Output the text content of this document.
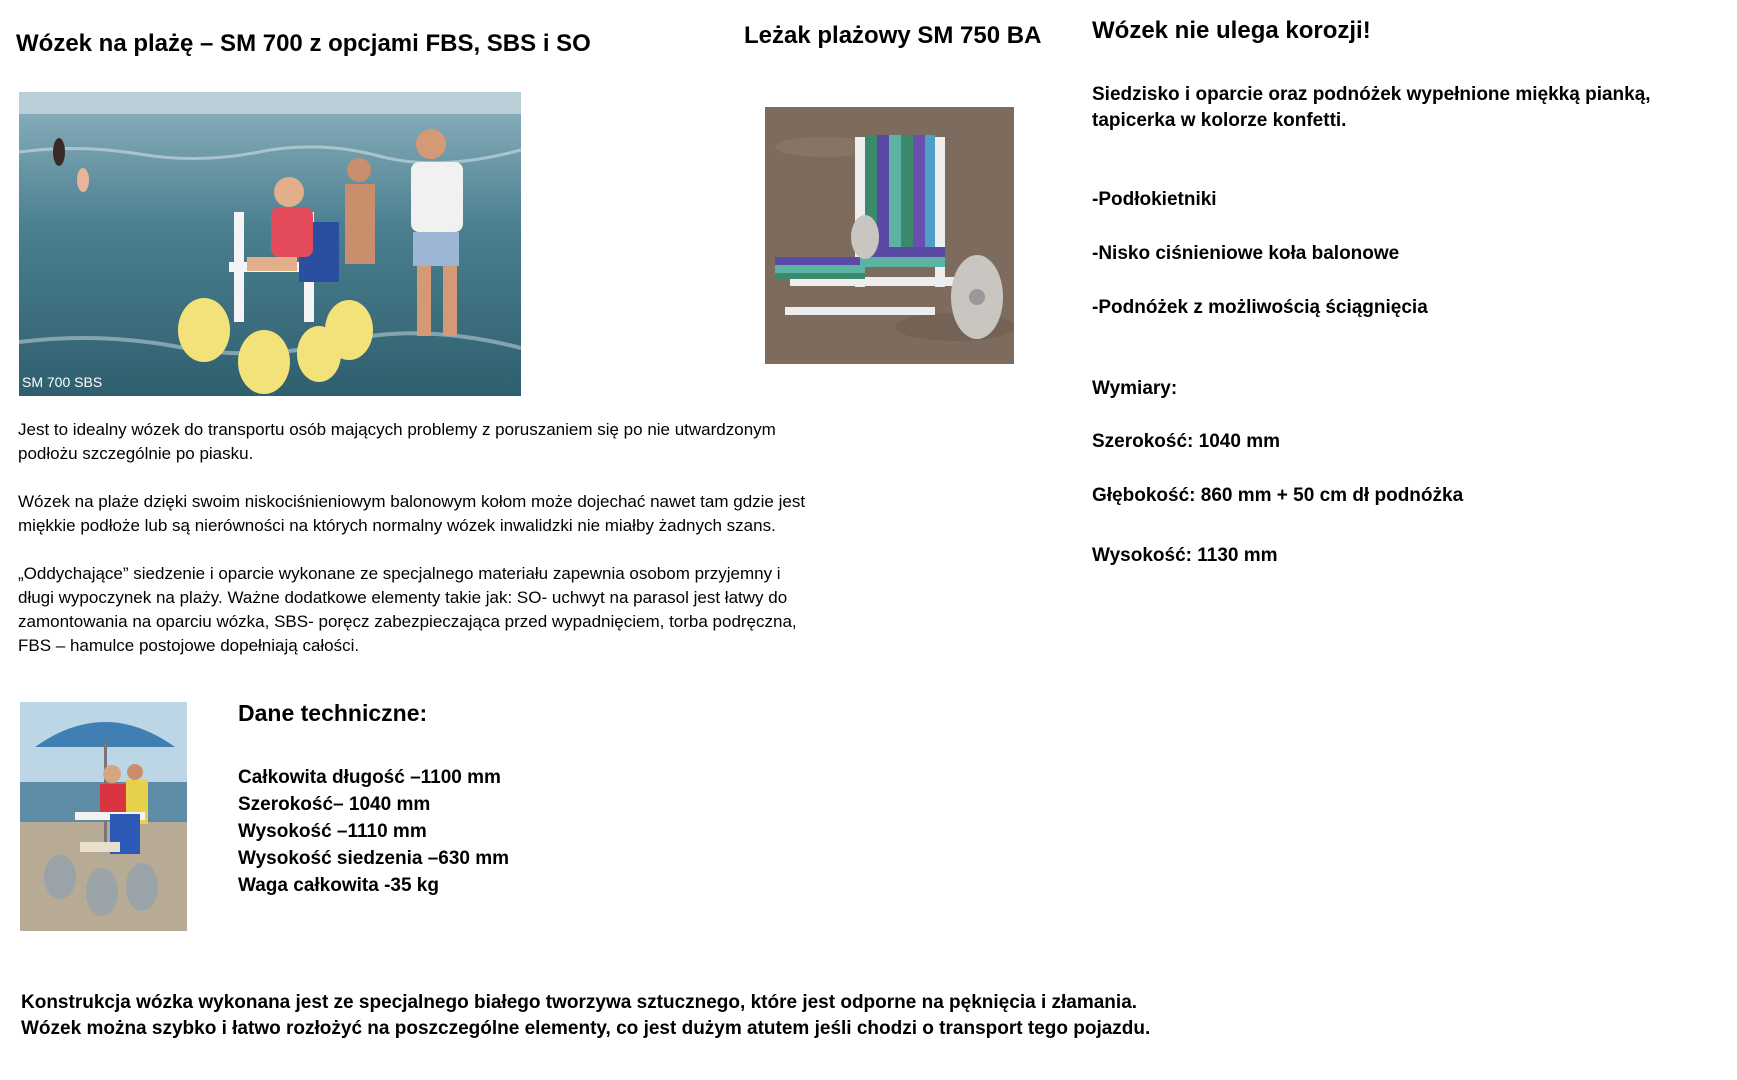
Wózek na plażę – SM 700 z opcjami FBS, SBS i SO
SM 700 SBS

Jest to idealny wózek do transportu osób mających problemy z poruszaniem się po nie utwardzonym podłożu szczególnie po piasku.

Wózek na plaże dzięki swoim niskociśnieniowym balonowym kołom może dojechać nawet tam gdzie jest miękkie podłoże lub są nierówności na których normalny wózek inwalidzki nie miałby żadnych szans.

„Oddychające” siedzenie i oparcie wykonane ze specjalnego materiału zapewnia osobom przyjemny i długi wypoczynek na plaży. Ważne dodatkowe elementy takie jak: SO- uchwyt na parasol jest łatwy do zamontowania na oparciu wózka, SBS- poręcz zabezpieczająca przed wypadnięciem, torba podręczna, FBS – hamulce postojowe dopełniają całości.

Dane techniczne:
Całkowita długość –1100 mm
Szerokość– 1040 mm
Wysokość –1110 mm
Wysokość siedzenia –630 mm
Waga całkowita -35 kg
Leżak plażowy SM 750 BA Wózek nie ulega korozji!
Siedzisko i oparcie oraz podnóżek wypełnione miękką pianką, tapicerka w kolorze konfetti.
-Podłokietniki
-Nisko ciśnieniowe koła balonowe
-Podnóżek z możliwością ściągnięcia
Wymiary:
Szerokość: 1040 mm
Głębokość: 860 mm + 50 cm dł podnóżka
Wysokość: 1130 mm
Konstrukcja wózka wykonana jest ze specjalnego białego tworzywa sztucznego, które jest odporne na pęknięcia i złamania.
Wózek można szybko i łatwo rozłożyć na poszczególne elementy, co jest dużym atutem jeśli chodzi o transport tego pojazdu.
